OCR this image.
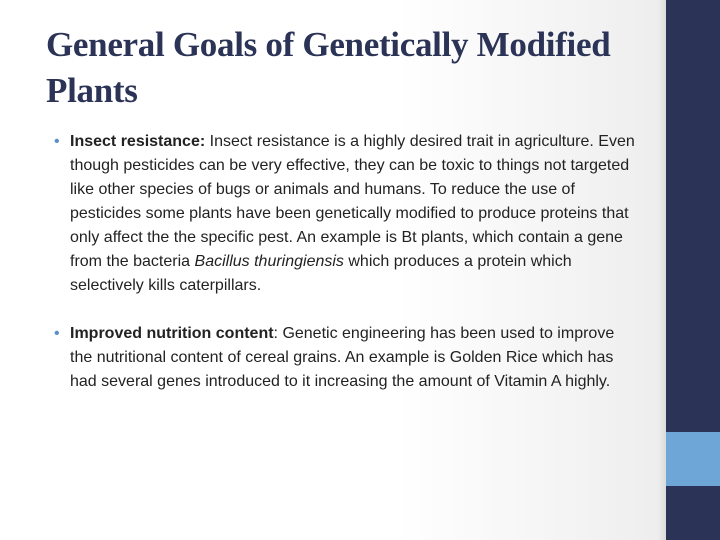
General Goals of Genetically Modified Plants
• Insect resistance: Insect resistance is a highly desired trait in agriculture. Even though pesticides can be very effective, they can be toxic to things not targeted like other species of bugs or animals and humans. To reduce the use of pesticides some plants have been genetically modified to produce proteins that only affect the the specific pest. An example is Bt plants, which contain a gene from the bacteria Bacillus thuringiensis which produces a protein which selectively kills caterpillars.
• Improved nutrition content: Genetic engineering has been used to improve the nutritional content of cereal grains. An example is Golden Rice which has had several genes introduced to it increasing the amount of Vitamin A highly.
